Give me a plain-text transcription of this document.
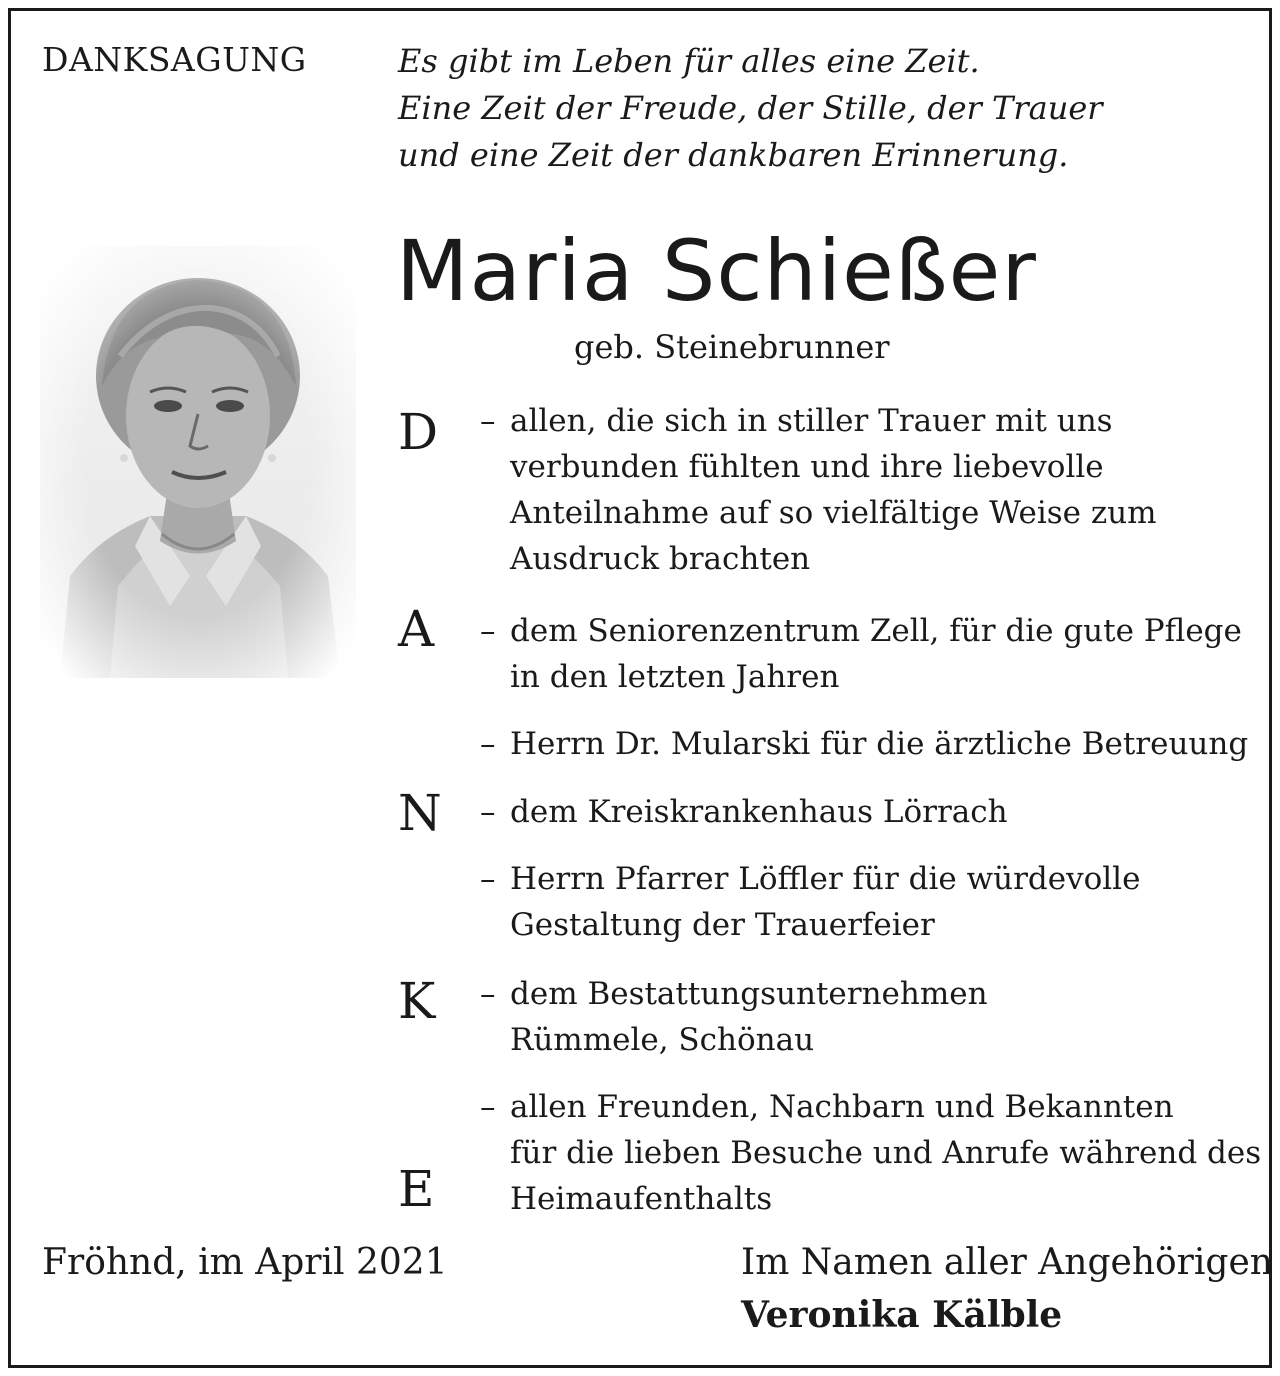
DANKSAGUNG	Es gibt im Leben für alles eine Zeit.
Eine Zeit der Freude, der Stille, der Trauer
und eine Zeit der dankbaren Erinnerung.
Maria Schießer
geb. Steinebrunner
D
A
N
K
E
– allen, die sich in stiller Trauer mit uns
verbunden fühlten und ihre liebevolle
Anteilnahme auf so vielfältige Weise zum
Ausdruck brachten
– dem Seniorenzentrum Zell, für die gute Pflege
in den letzten Jahren
– Herrn Dr. Mularski für die ärztliche Betreuung
– dem Kreiskrankenhaus Lörrach
– Herrn Pfarrer Löffler für die würdevolle
Gestaltung der Trauerfeier
– dem Bestattungsunternehmen
Rümmele, Schönau
– allen Freunden, Nachbarn und Bekannten
für die lieben Besuche und Anrufe während des
Heimaufenthalts
Fröhnd, im April 2021	Im Namen aller Angehörigen
Veronika Kälble
